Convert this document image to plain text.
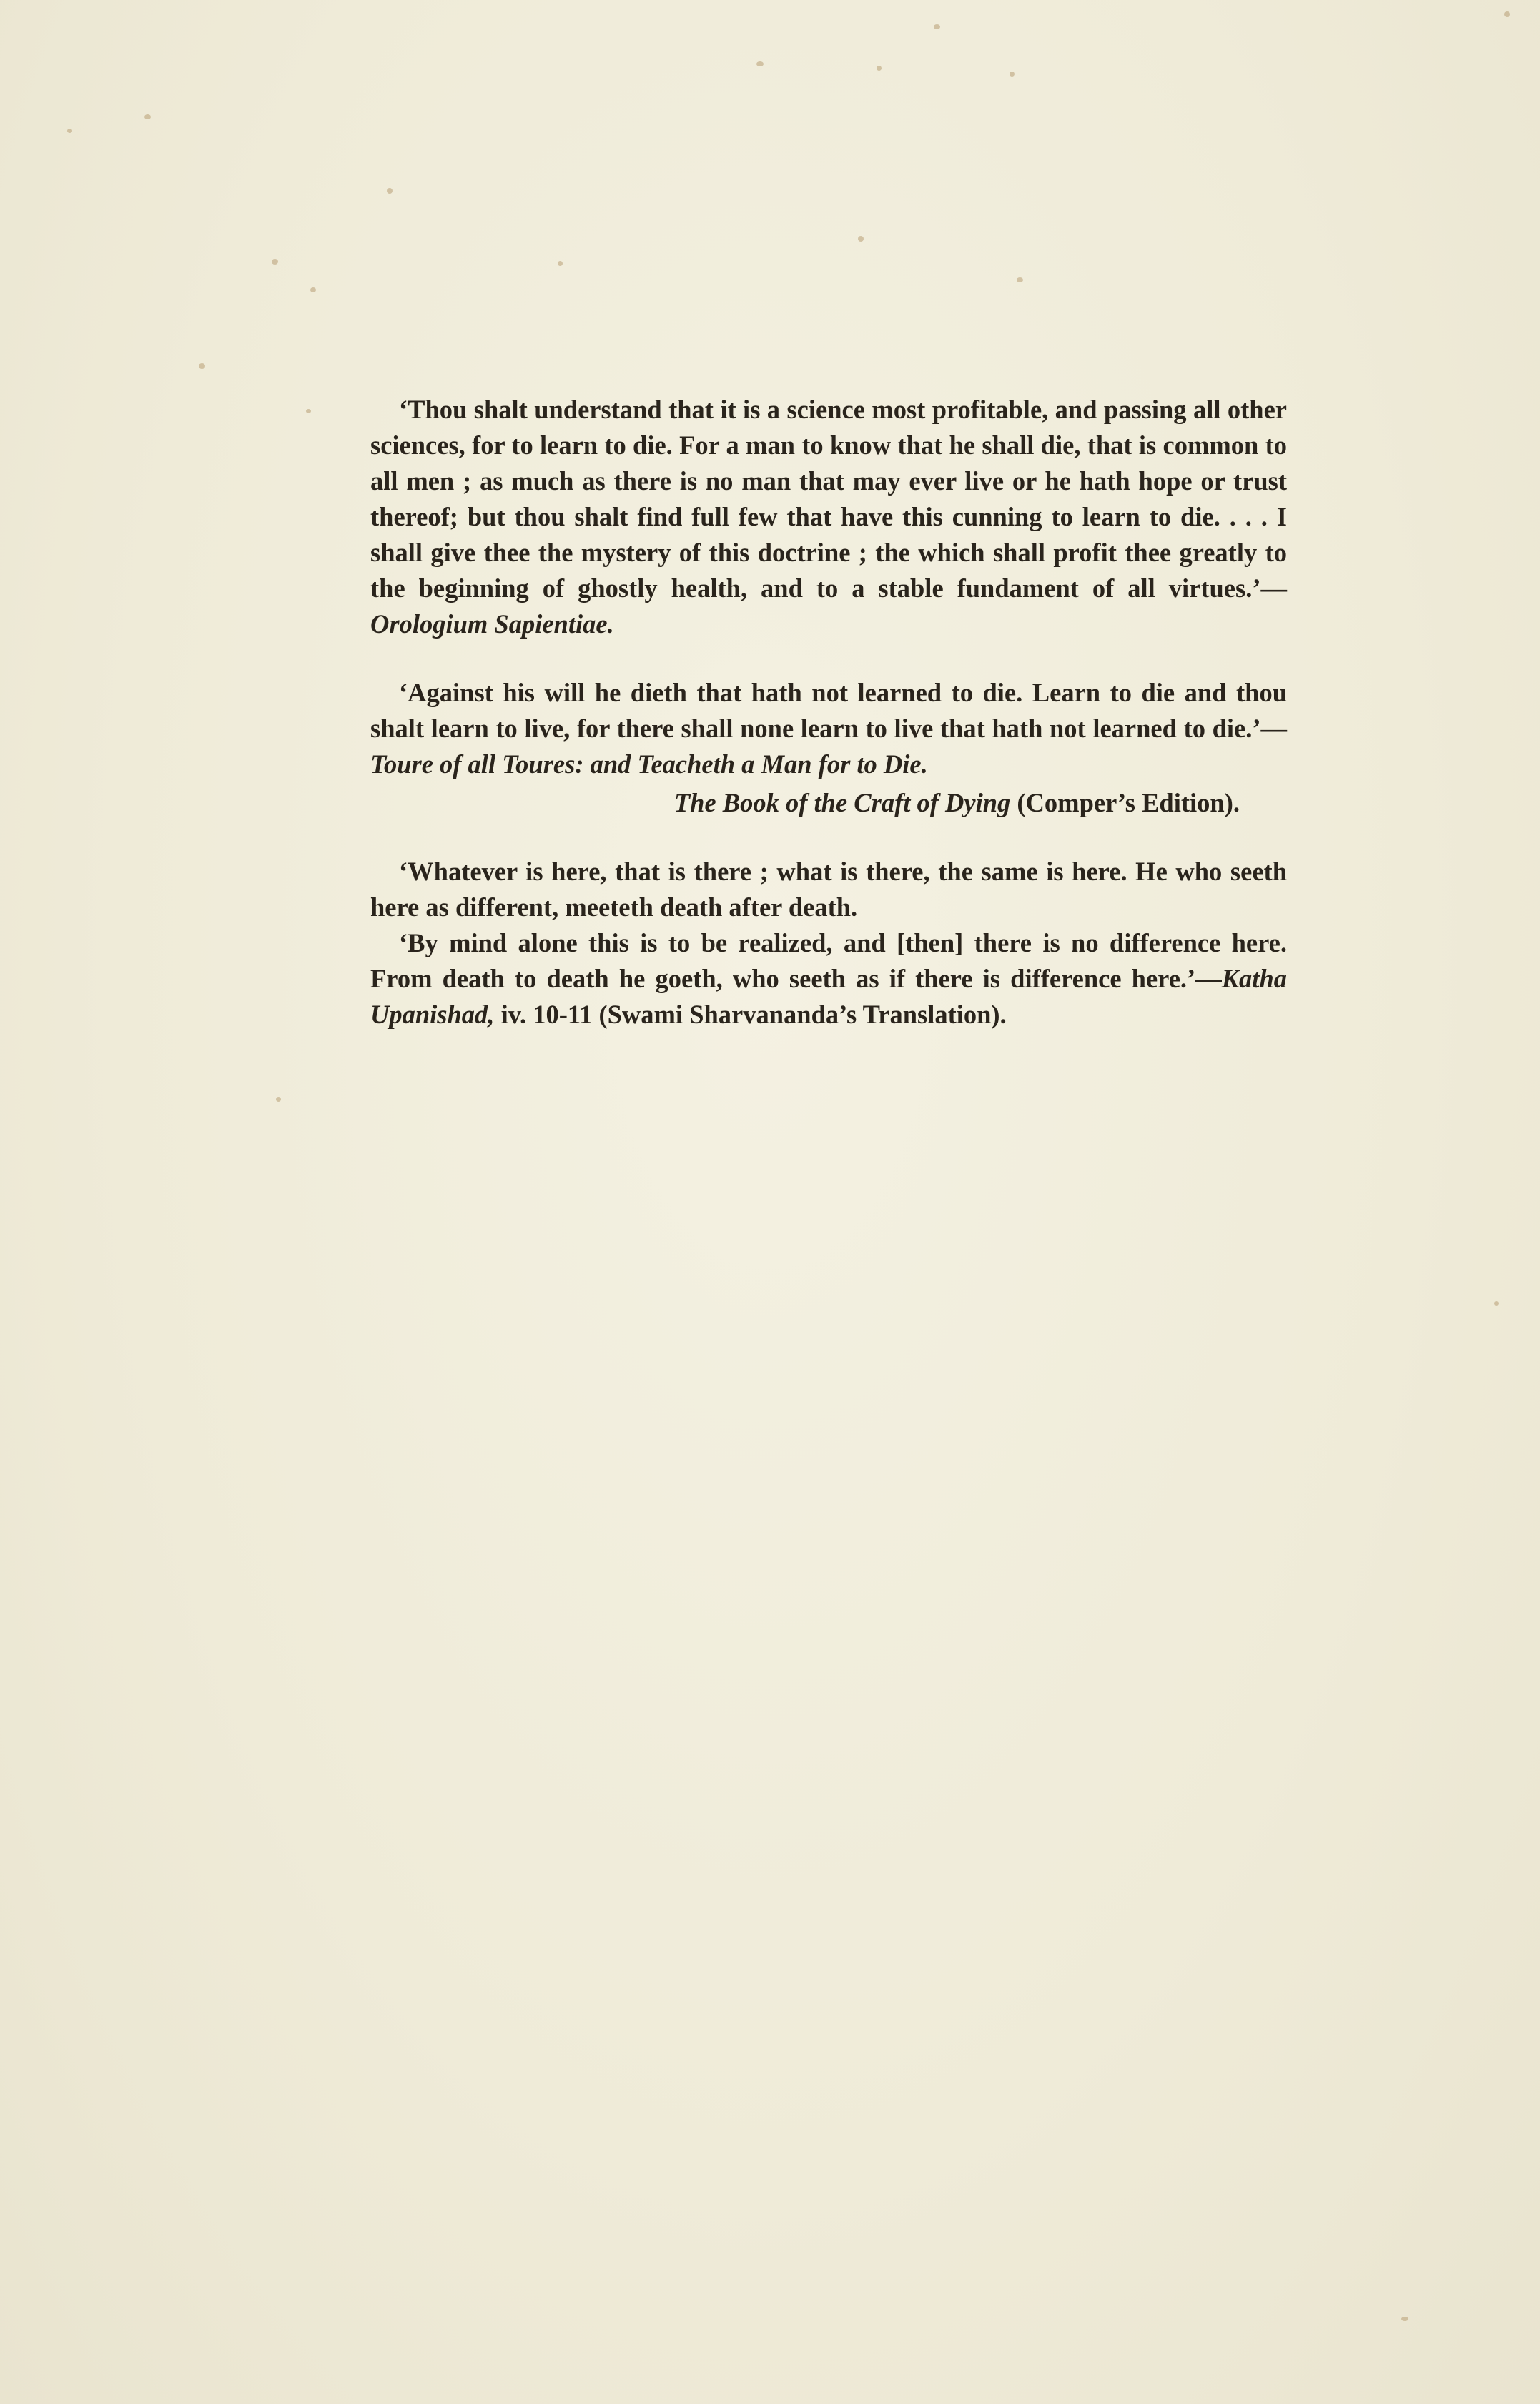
‘Thou shalt understand that it is a science most profitable, and passing all other sciences, for to learn to die. For a man to know that he shall die, that is common to all men ; as much as there is no man that may ever live or he hath hope or trust thereof; but thou shalt find full few that have this cunning to learn to die. . . . I shall give thee the mystery of this doctrine ; the which shall profit thee greatly to the beginning of ghostly health, and to a stable fundament of all virtues.’—Orologium Sapientiae.

‘Against his will he dieth that hath not learned to die. Learn to die and thou shalt learn to live, for there shall none learn to live that hath not learned to die.’—Toure of all Toures: and Teacheth a Man for to Die.

The Book of the Craft of Dying (Comper’s Edition).

‘Whatever is here, that is there ; what is there, the same is here. He who seeth here as different, meeteth death after death.

‘By mind alone this is to be realized, and [then] there is no difference here. From death to death he goeth, who seeth as if there is difference here.’—Katha Upanishad, iv. 10-11 (Swami Sharvananda’s Translation).
